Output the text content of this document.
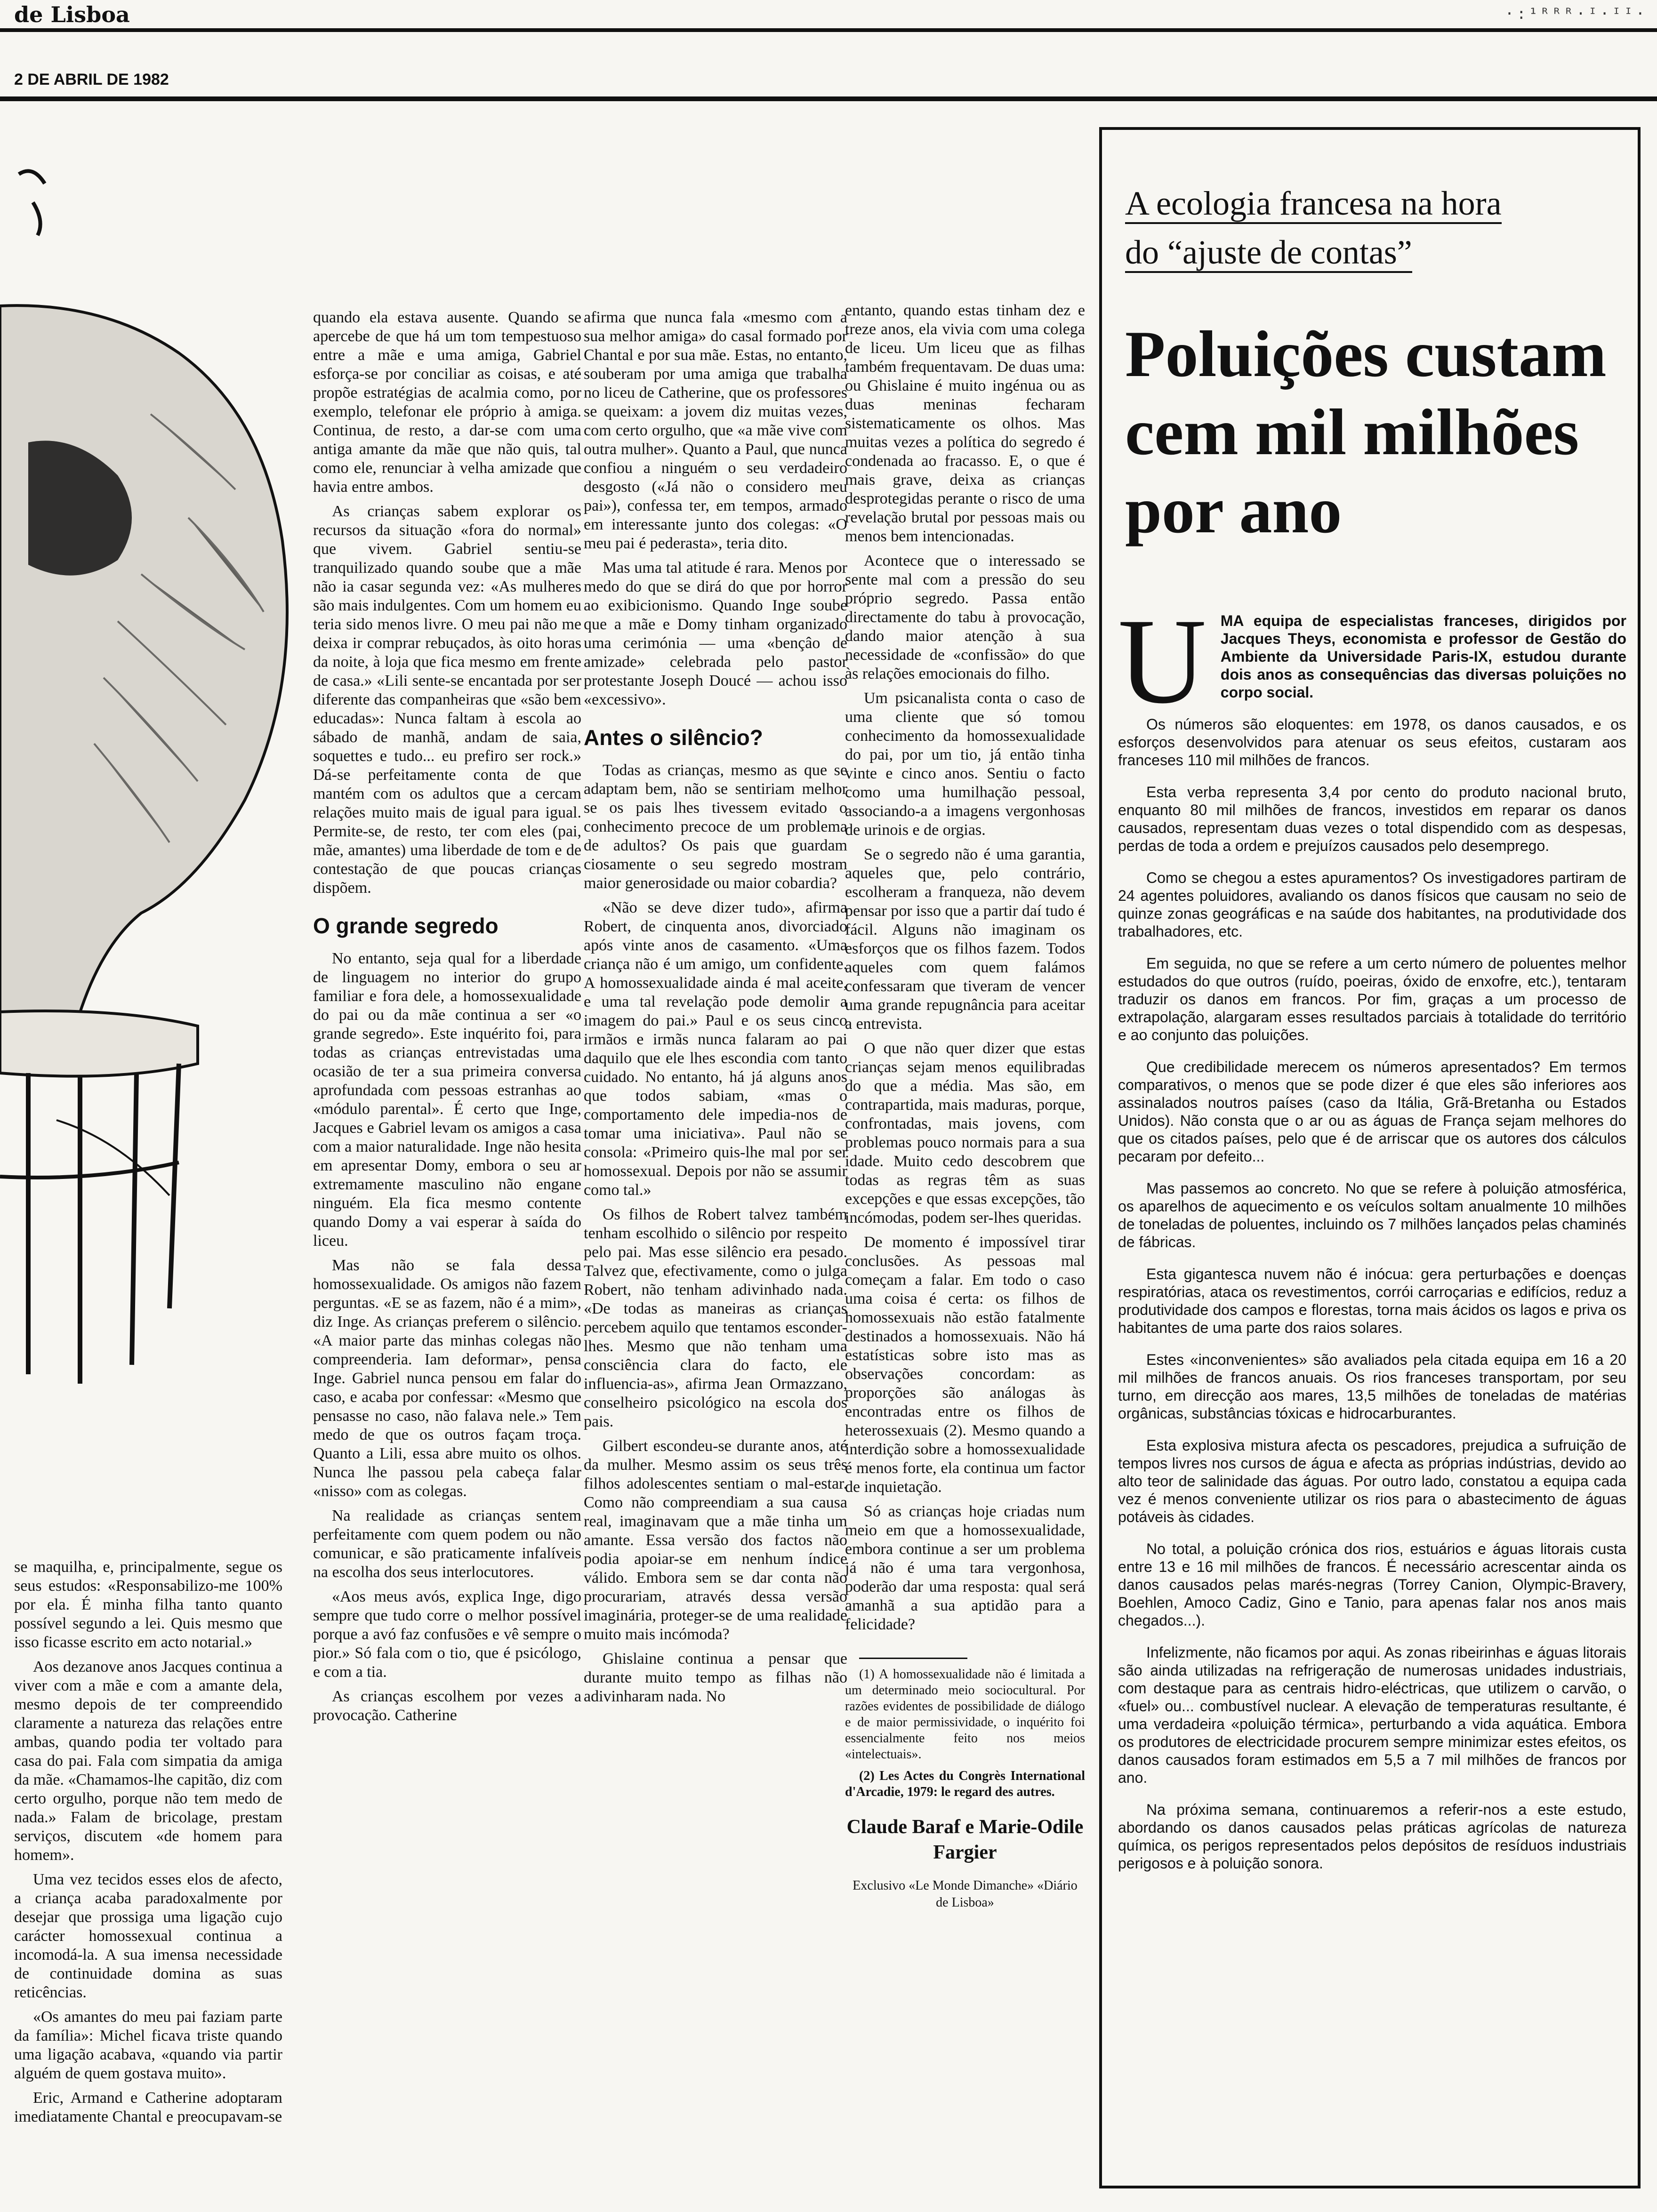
de Lisboa	·:¹ᴿᴿᴿ·ᴵ·ᴵᴵ·
2 DE ABRIL DE 1982

se maquilha, e, principalmente, segue os seus estudos: «Responsabilizo-me 100% por ela. É minha filha tanto quanto possível segundo a lei. Quis mesmo que isso ficasse escrito em acto notarial.»

Aos dezanove anos Jacques continua a viver com a mãe e com a amante dela, mesmo depois de ter compreendido claramente a natureza das relações entre ambas, quando podia ter voltado para casa do pai. Fala com simpatia da amiga da mãe. «Chamamos-lhe capitão, diz com certo orgulho, porque não tem medo de nada.» Falam de bricolage, prestam serviços, discutem «de homem para homem».

Uma vez tecidos esses elos de afecto, a criança acaba paradoxalmente por desejar que prossiga uma ligação cujo carácter homossexual continua a incomodá-la. A sua imensa necessidade de continuidade domina as suas reticências.

«Os amantes do meu pai faziam parte da família»: Michel ficava triste quando uma ligação acabava, «quando via partir alguém de quem gostava muito».

Eric, Armand e Catherine adoptaram imediatamente Chantal e preocupavam-se

quando ela estava ausente. Quando se apercebe de que há um tom tempestuoso entre a mãe e uma amiga, Gabriel esforça-se por conciliar as coisas, e até propõe estratégias de acalmia como, por exemplo, telefonar ele próprio à amiga. Continua, de resto, a dar-se com uma antiga amante da mãe que não quis, tal como ele, renunciar à velha amizade que havia entre ambos.

As crianças sabem explorar os recursos da situação «fora do normal» que vivem. Gabriel sentiu-se tranquilizado quando soube que a mãe não ia casar segunda vez: «As mulheres são mais indulgentes. Com um homem eu teria sido menos livre. O meu pai não me deixa ir comprar rebuçados, às oito horas da noite, à loja que fica mesmo em frente de casa.» «Lili sente-se encantada por ser diferente das companheiras que «são bem educadas»: Nunca faltam à escola ao sábado de manhã, andam de saia, soquettes e tudo... eu prefiro ser rock.» Dá-se perfeitamente conta de que mantém com os adultos que a cercam relações muito mais de igual para igual. Permite-se, de resto, ter com eles (pai, mãe, amantes) uma liberdade de tom e de contestação de que poucas crianças dispõem.

O grande segredo

No entanto, seja qual for a liberdade de linguagem no interior do grupo familiar e fora dele, a homossexualidade do pai ou da mãe continua a ser «o grande segredo». Este inquérito foi, para todas as crianças entrevistadas uma ocasião de ter a sua primeira conversa aprofundada com pessoas estranhas ao «módulo parental». É certo que Inge, Jacques e Gabriel levam os amigos a casa com a maior naturalidade. Inge não hesita em apresentar Domy, embora o seu ar extremamente masculino não engane ninguém. Ela fica mesmo contente quando Domy a vai esperar à saída do liceu.

Mas não se fala dessa homossexualidade. Os amigos não fazem perguntas. «E se as fazem, não é a mim», diz Inge. As crianças preferem o silêncio. «A maior parte das minhas colegas não compreenderia. Iam deformar», pensa Inge. Gabriel nunca pensou em falar do caso, e acaba por confessar: «Mesmo que pensasse no caso, não falava nele.» Tem medo de que os outros façam troça. Quanto a Lili, essa abre muito os olhos. Nunca lhe passou pela cabeça falar «nisso» com as colegas.

Na realidade as crianças sentem perfeitamente com quem podem ou não comunicar, e são praticamente infalíveis na escolha dos seus interlocutores.

«Aos meus avós, explica Inge, digo sempre que tudo corre o melhor possível porque a avó faz confusões e vê sempre o pior.» Só fala com o tio, que é psicólogo, e com a tia.

As crianças escolhem por vezes a provocação. Catherine

afirma que nunca fala «mesmo com a sua melhor amiga» do casal formado por Chantal e por sua mãe. Estas, no entanto, souberam por uma amiga que trabalha no liceu de Catherine, que os professores se queixam: a jovem diz muitas vezes, com certo orgulho, que «a mãe vive com outra mulher». Quanto a Paul, que nunca confiou a ninguém o seu verdadeiro desgosto («Já não o considero meu pai»), confessa ter, em tempos, armado em interessante junto dos colegas: «O meu pai é pederasta», teria dito.

Mas uma tal atitude é rara. Menos por medo do que se dirá do que por horror ao exibicionismo. Quando Inge soube que a mãe e Domy tinham organizado uma cerimónia — uma «bençâo de amizade» celebrada pelo pastor protestante Joseph Doucé — achou isso «excessivo».

Antes o silêncio?

Todas as crianças, mesmo as que se adaptam bem, não se sentiriam melhor se os pais lhes tivessem evitado o conhecimento precoce de um problema de adultos? Os pais que guardam ciosamente o seu segredo mostram maior generosidade ou maior cobardia?

«Não se deve dizer tudo», afirma Robert, de cinquenta anos, divorciado após vinte anos de casamento. «Uma criança não é um amigo, um confidente. A homossexualidade ainda é mal aceite, e uma tal revelação pode demolir a imagem do pai.» Paul e os seus cinco irmãos e irmãs nunca falaram ao pai daquilo que ele lhes escondia com tanto cuidado. No entanto, há já alguns anos que todos sabiam, «mas o comportamento dele impedia-nos de tomar uma iniciativa». Paul não se consola: «Primeiro quis-lhe mal por ser homossexual. Depois por não se assumir como tal.»

Os filhos de Robert talvez também tenham escolhido o silêncio por respeito pelo pai. Mas esse silêncio era pesado. Talvez que, efectivamente, como o julga Robert, não tenham adivinhado nada. «De todas as maneiras as crianças percebem aquilo que tentamos esconder-lhes. Mesmo que não tenham uma consciência clara do facto, ele influencia-as», afirma Jean Ormazzano, conselheiro psicológico na escola dos pais.

Gilbert escondeu-se durante anos, até da mulher. Mesmo assim os seus três filhos adolescentes sentiam o mal-estar. Como não compreendiam a sua causa real, imaginavam que a mãe tinha um amante. Essa versão dos factos não podia apoiar-se em nenhum índice válido. Embora sem se dar conta não procurariam, através dessa versão imaginária, proteger-se de uma realidade muito mais incómoda?

Ghislaine continua a pensar que durante muito tempo as filhas não adivinharam nada. No

entanto, quando estas tinham dez e treze anos, ela vivia com uma colega de liceu. Um liceu que as filhas também frequentavam. De duas uma: ou Ghislaine é muito ingénua ou as duas meninas fecharam sistematicamente os olhos. Mas muitas vezes a política do segredo é condenada ao fracasso. E, o que é mais grave, deixa as crianças desprotegidas perante o risco de uma revelação brutal por pessoas mais ou menos bem intencionadas.

Acontece que o interessado se sente mal com a pressão do seu próprio segredo. Passa então directamente do tabu à provocação, dando maior atenção à sua necessidade de «confissão» do que às relações emocionais do filho.

Um psicanalista conta o caso de uma cliente que só tomou conhecimento da homossexualidade do pai, por um tio, já então tinha vinte e cinco anos. Sentiu o facto como uma humilhação pessoal, associando-a a imagens vergonhosas de urinois e de orgias.

Se o segredo não é uma garantia, aqueles que, pelo contrário, escolheram a franqueza, não devem pensar por isso que a partir daí tudo é fácil. Alguns não imaginam os esforços que os filhos fazem. Todos aqueles com quem falámos confessaram que tiveram de vencer uma grande repugnância para aceitar a entrevista.

O que não quer dizer que estas crianças sejam menos equilibradas do que a média. Mas são, em contrapartida, mais maduras, porque, confrontadas, mais jovens, com problemas pouco normais para a sua idade. Muito cedo descobrem que todas as regras têm as suas excepções e que essas excepções, tão incómodas, podem ser-lhes queridas.

De momento é impossível tirar conclusões. As pessoas mal começam a falar. Em todo o caso uma coisa é certa: os filhos de homossexuais não estão fatalmente destinados a homossexuais. Não há estatísticas sobre isto mas as observações concordam: as proporções são análogas às encontradas entre os filhos de heterossexuais (2). Mesmo quando a interdição sobre a homossexualidade é menos forte, ela continua um factor de inquietação.

Só as crianças hoje criadas num meio em que a homossexualidade, embora continue a ser um problema já não é uma tara vergonhosa, poderão dar uma resposta: qual será amanhã a sua aptidão para a felicidade?

(1) A homossexualidade não é limitada a um determinado meio sociocultural. Por razões evidentes de possibilidade de diálogo e de maior permissividade, o inquérito foi essencialmente feito nos meios «intelectuais».

(2) Les Actes du Congrès International d'Arcadie, 1979: le regard des autres.

Claude Baraf e Marie-Odile Fargier
Exclusivo «Le Monde Dimanche» «Diário de Lisboa»
A ecologia francesa na hora
do “ajuste de contas”
Poluições custam cem mil milhões por ano

UMA equipa de especialistas franceses, dirigidos por Jacques Theys, economista e professor de Gestão do Ambiente da Universidade Paris-IX, estudou durante dois anos as consequências das diversas poluições no corpo social.

Os números são eloquentes: em 1978, os danos causados, e os esforços desenvolvidos para atenuar os seus efeitos, custaram aos franceses 110 mil milhões de francos.

Esta verba representa 3,4 por cento do produto nacional bruto, enquanto 80 mil milhões de francos, investidos em reparar os danos causados, representam duas vezes o total dispendido com as despesas, perdas de toda a ordem e prejuízos causados pelo desemprego.

Como se chegou a estes apuramentos? Os investigadores partiram de 24 agentes poluidores, avaliando os danos físicos que causam no seio de quinze zonas geográficas e na saúde dos habitantes, na produtividade dos trabalhadores, etc.

Em seguida, no que se refere a um certo número de poluentes melhor estudados do que outros (ruído, poeiras, óxido de enxofre, etc.), tentaram traduzir os danos em francos. Por fim, graças a um processo de extrapolação, alargaram esses resultados parciais à totalidade do território e ao conjunto das poluições.

Que credibilidade merecem os números apresentados? Em termos comparativos, o menos que se pode dizer é que eles são inferiores aos assinalados noutros países (caso da Itália, Grã-Bretanha ou Estados Unidos). Não consta que o ar ou as águas de França sejam melhores do que os citados países, pelo que é de arriscar que os autores dos cálculos pecaram por defeito...

Mas passemos ao concreto. No que se refere à poluição atmosférica, os aparelhos de aquecimento e os veículos soltam anualmente 10 milhões de toneladas de poluentes, incluindo os 7 milhões lançados pelas chaminés de fábricas.

Esta gigantesca nuvem não é inócua: gera perturbações e doenças respiratórias, ataca os revestimentos, corrói carroçarias e edifícios, reduz a produtividade dos campos e florestas, torna mais ácidos os lagos e priva os habitantes de uma parte dos raios solares.

Estes «inconvenientes» são avaliados pela citada equipa em 16 a 20 mil milhões de francos anuais. Os rios franceses transportam, por seu turno, em direcção aos mares, 13,5 milhões de toneladas de matérias orgânicas, substâncias tóxicas e hidrocarburantes.

Esta explosiva mistura afecta os pescadores, prejudica a sufruição de tempos livres nos cursos de água e afecta as próprias indústrias, devido ao alto teor de salinidade das águas. Por outro lado, constatou a equipa cada vez é menos conveniente utilizar os rios para o abastecimento de águas potáveis às cidades.

No total, a poluição crónica dos rios, estuários e águas litorais custa entre 13 e 16 mil milhões de francos. É necessário acrescentar ainda os danos causados pelas marés-negras (Torrey Canion, Olympic-Bravery, Boehlen, Amoco Cadiz, Gino e Tanio, para apenas falar nos anos mais chegados...).

Infelizmente, não ficamos por aqui. As zonas ribeirinhas e águas litorais são ainda utilizadas na refrigeração de numerosas unidades industriais, com destaque para as centrais hidro-eléctricas, que utilizem o carvão, o «fuel» ou... combustível nuclear. A elevação de temperaturas resultante, é uma verdadeira «poluição térmica», perturbando a vida aquática. Embora os produtores de electricidade procurem sempre minimizar estes efeitos, os danos causados foram estimados em 5,5 a 7 mil milhões de francos por ano.

Na próxima semana, continuaremos a referir-nos a este estudo, abordando os danos causados pelas práticas agrícolas de natureza química, os perigos representados pelos depósitos de resíduos industriais perigosos e à poluição sonora.
